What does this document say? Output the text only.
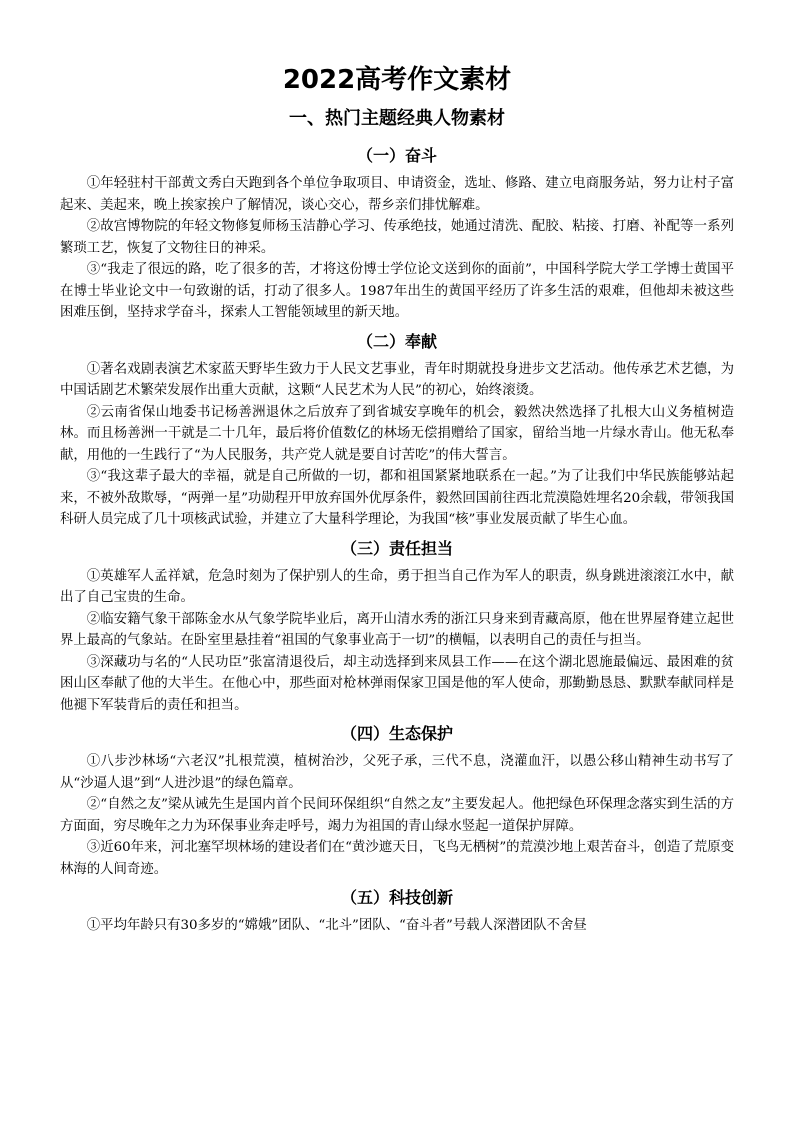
2022高考作文素材
一、热门主题经典人物素材
（一）奋斗

①年轻驻村干部黄文秀白天跑到各个单位争取项目、申请资金，选址、修路、建立电商服务站，努力让村子富起来、美起来，晚上挨家挨户了解情况，谈心交心，帮乡亲们排忧解难。

②故宫博物院的年轻文物修复师杨玉洁静心学习、传承绝技，她通过清洗、配胶、粘接、打磨、补配等一系列繁琐工艺，恢复了文物往日的神采。

③“我走了很远的路，吃了很多的苦，才将这份博士学位论文送到你的面前”，中国科学院大学工学博士黄国平在博士毕业论文中一句致谢的话，打动了很多人。1987年出生的黄国平经历了许多生活的艰难，但他却未被这些困难压倒，坚持求学奋斗，探索人工智能领域里的新天地。

（二）奉献

①著名戏剧表演艺术家蓝天野毕生致力于人民文艺事业，青年时期就投身进步文艺活动。他传承艺术艺德，为中国话剧艺术繁荣发展作出重大贡献，这颗“人民艺术为人民”的初心，始终滚烫。

②云南省保山地委书记杨善洲退休之后放弃了到省城安享晚年的机会，毅然决然选择了扎根大山义务植树造林。而且杨善洲一干就是二十几年，最后将价值数亿的林场无偿捐赠给了国家，留给当地一片绿水青山。他无私奉献，用他的一生践行了“为人民服务，共产党人就是要自讨苦吃”的伟大誓言。

③“我这辈子最大的幸福，就是自己所做的一切，都和祖国紧紧地联系在一起。”为了让我们中华民族能够站起来，不被外敌欺辱，“两弹一星”功勋程开甲放弃国外优厚条件，毅然回国前往西北荒漠隐姓埋名20余载，带领我国科研人员完成了几十项核武试验，并建立了大量科学理论，为我国“核”事业发展贡献了毕生心血。

（三）责任担当

①英雄军人孟祥斌，危急时刻为了保护别人的生命，勇于担当自己作为军人的职责，纵身跳进滚滚江水中，献出了自己宝贵的生命。

②临安籍气象干部陈金水从气象学院毕业后，离开山清水秀的浙江只身来到青藏高原，他在世界屋脊建立起世界上最高的气象站。在卧室里悬挂着“祖国的气象事业高于一切”的横幅，以表明自己的责任与担当。

③深藏功与名的“人民功臣”张富清退役后，却主动选择到来凤县工作——在这个湖北恩施最偏远、最困难的贫困山区奉献了他的大半生。在他心中，那些面对枪林弹雨保家卫国是他的军人使命，那勤勤恳恳、默默奉献同样是他褪下军装背后的责任和担当。

（四）生态保护

①八步沙林场“六老汉”扎根荒漠，植树治沙，父死子承，三代不息，浇灌血汗，以愚公移山精神生动书写了从“沙逼人退”到“人进沙退”的绿色篇章。

②“自然之友”梁从诫先生是国内首个民间环保组织“自然之友”主要发起人。他把绿色环保理念落实到生活的方方面面，穷尽晚年之力为环保事业奔走呼号，竭力为祖国的青山绿水竖起一道保护屏障。

③近60年来，河北塞罕坝林场的建设者们在“黄沙遮天日，飞鸟无栖树”的荒漠沙地上艰苦奋斗，创造了荒原变林海的人间奇迹。

（五）科技创新

①平均年龄只有30多岁的“嫦娥”团队、“北斗”团队、“奋斗者”号载人深潜团队不舍昼
